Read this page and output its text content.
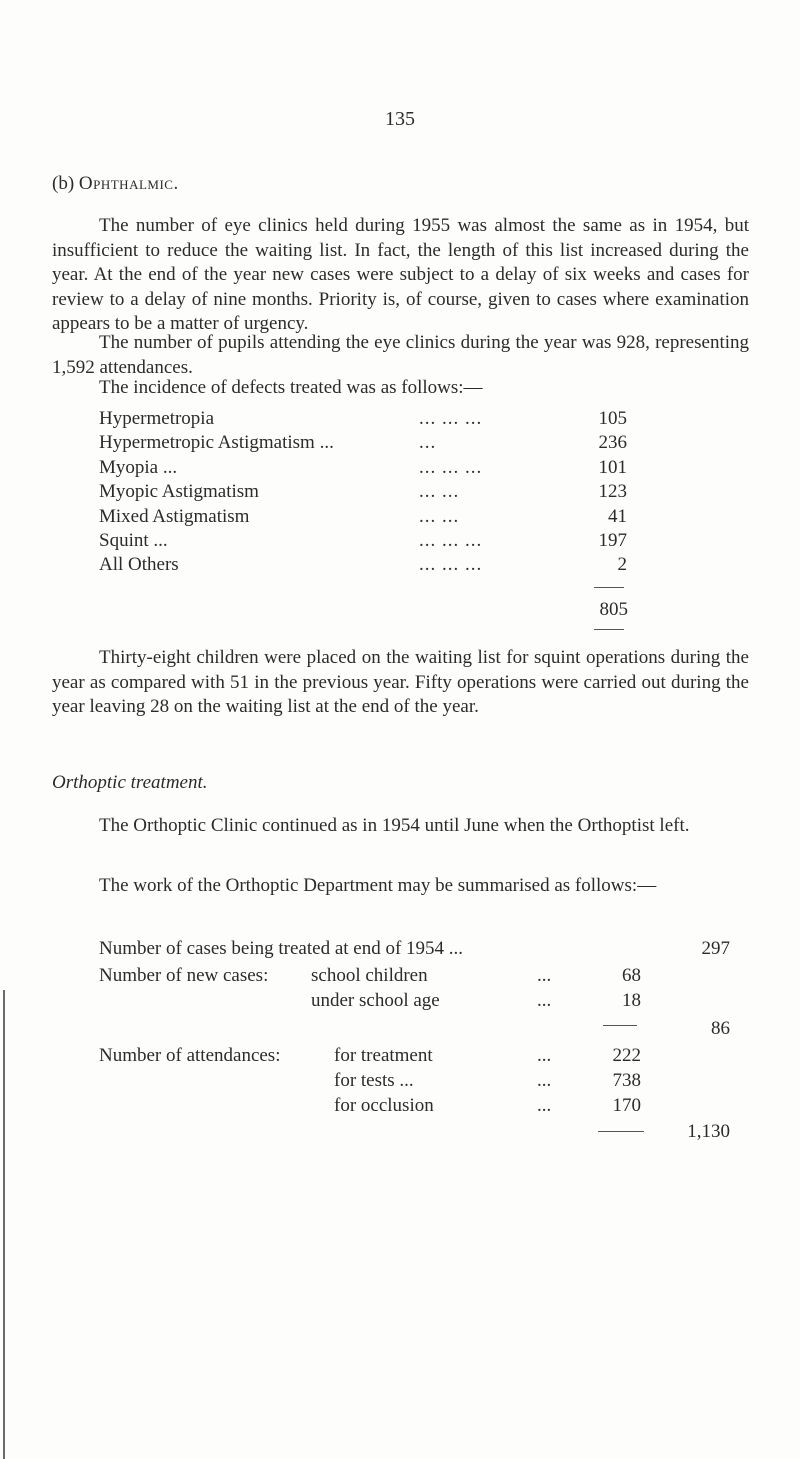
135
(b) Ophthalmic.

The number of eye clinics held during 1955 was almost the same as in 1954, but insufficient to reduce the waiting list. In fact, the length of this list increased during the year. At the end of the year new cases were subject to a delay of six weeks and cases for review to a delay of nine months. Priority is, of course, given to cases where examination appears to be a matter of urgency.

The number of pupils attending the eye clinics during the year was 928, representing 1,592 attendances.

The incidence of defects treated was as follows:—

Hypermetropia	... ... ...	105
Hypermetropic Astigmatism ...	...	236
Myopia ...	... ... ...	101
Myopic Astigmatism	... ...	123
Mixed Astigmatism	... ...	41
Squint ...	... ... ...	197
All Others	... ... ...	2
805

Thirty-eight children were placed on the waiting list for squint operations during the year as compared with 51 in the previous year. Fifty operations were carried out during the year leaving 28 on the waiting list at the end of the year.

Orthoptic treatment.

The Orthoptic Clinic continued as in 1954 until June when the Orthoptist left.

The work of the Orthoptic Department may be summarised as follows:—

Number of cases being treated at end of 1954 ...	297
Number of new cases: school children	...	68
under school age	...	18
86
Number of attendances:	for treatment	...	222
for tests ...	...	738
for occlusion	...	170
1,130
